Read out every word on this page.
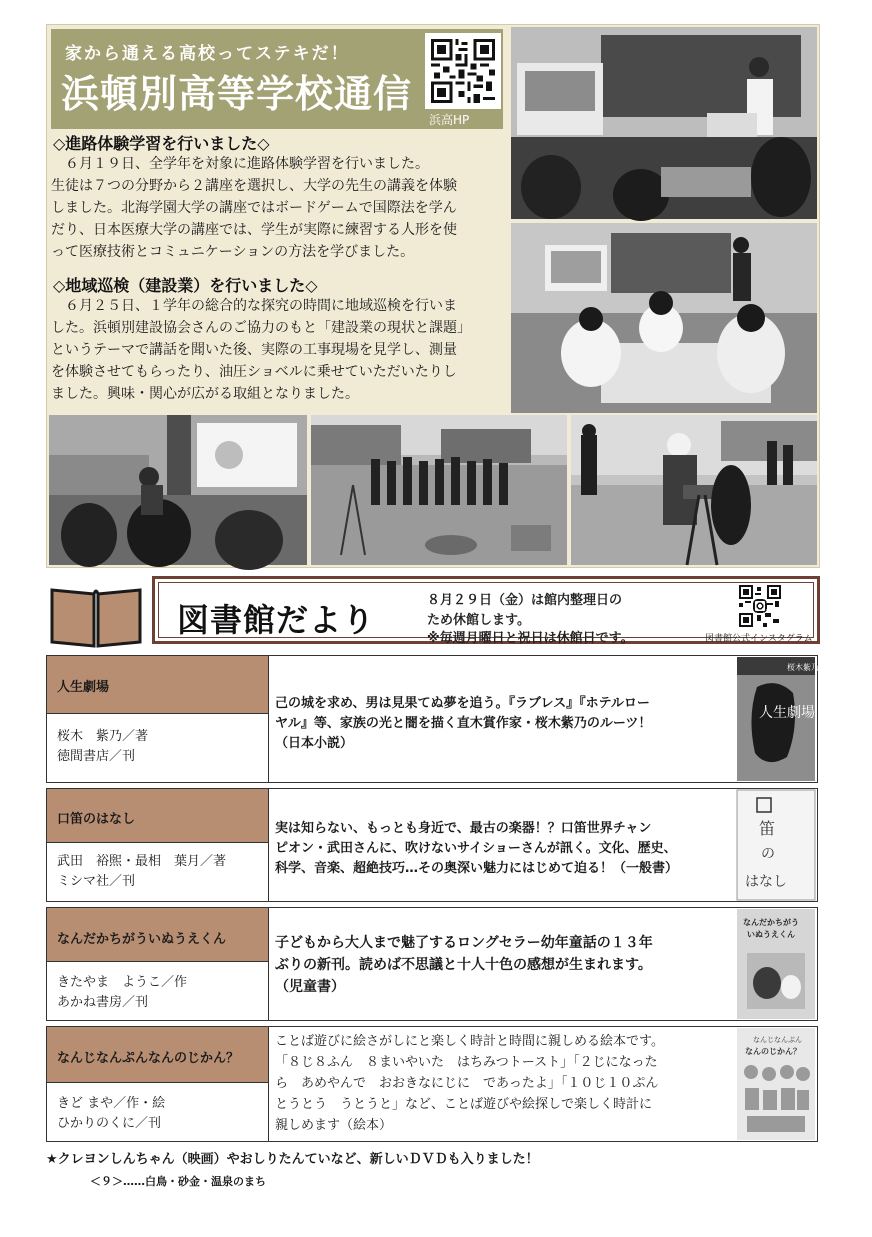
家から通える高校ってステキだ！
浜頓別高等学校通信
浜高HP
◇進路体験学習を行いました◇
　６月１９日、全学年を対象に進路体験学習を行いました。
生徒は７つの分野から２講座を選択し、大学の先生の講義を体験
しました。北海学園大学の講座ではボードゲームで国際法を学ん
だり、日本医療大学の講座では、学生が実際に練習する人形を使
って医療技術とコミュニケーションの方法を学びました。
◇地域巡検（建設業）を行いました◇
　６月２５日、１学年の総合的な探究の時間に地域巡検を行いま
した。浜頓別建設協会さんのご協力のもと「建設業の現状と課題」
というテーマで講話を聞いた後、実際の工事現場を見学し、測量
を体験させてもらったり、油圧ショベルに乗せていただいたりし
ました。興味・関心が広がる取組となりました。
図書館だより
８月２９日（金）は館内整理日の
ため休館します。
※毎週月曜日と祝日は休館日です。	図書館公式インスタグラム
人生劇場
桜木　紫乃／著
徳間書店／刊
己の城を求め、男は見果てぬ夢を追う。『ラブレス』『ホテルロー
ヤル』等、家族の光と闇を描く直木賞作家・桜木紫乃のルーツ！
（日本小説）
桜木紫乃
人生劇場
口笛のはなし
武田　裕煕・最相　葉月／著
ミシマ社／刊
実は知らない、もっとも身近で、最古の楽器！？口笛世界チャン
ピオン・武田さんに、吹けないサイショーさんが訊く。文化、歴史、
科学、音楽、超絶技巧…その奥深い魅力にはじめて迫る！（一般書）
笛
の
はなし
なんだかちがういぬうえくん
きたやま　ようこ／作
あかね書房／刊
子どもから大人まで魅了するロングセラー幼年童話の１３年
ぶりの新刊。読めば不思議と十人十色の感想が生まれます。
（児童書）
なんだかちがう
いぬうえくん
なんじなんぷんなんのじかん？
きど まや／作・絵
ひかりのくに／刊
ことば遊びに絵さがしにと楽しく時計と時間に親しめる絵本です。
「８じ８ふん　８まいやいた　はちみつトースト」「２じになった
ら　あめやんで　おおきなにじに　であったよ」「１０じ１０ぷん
とうとう　うとうと」など、ことば遊びや絵探しで楽しく時計に
親しめます（絵本）
なんじなんぷん
なんのじかん？
★クレヨンしんちゃん（映画）やおしりたんていなど、新しいＤＶＤも入りました！
＜９＞……白鳥・砂金・温泉のまち
